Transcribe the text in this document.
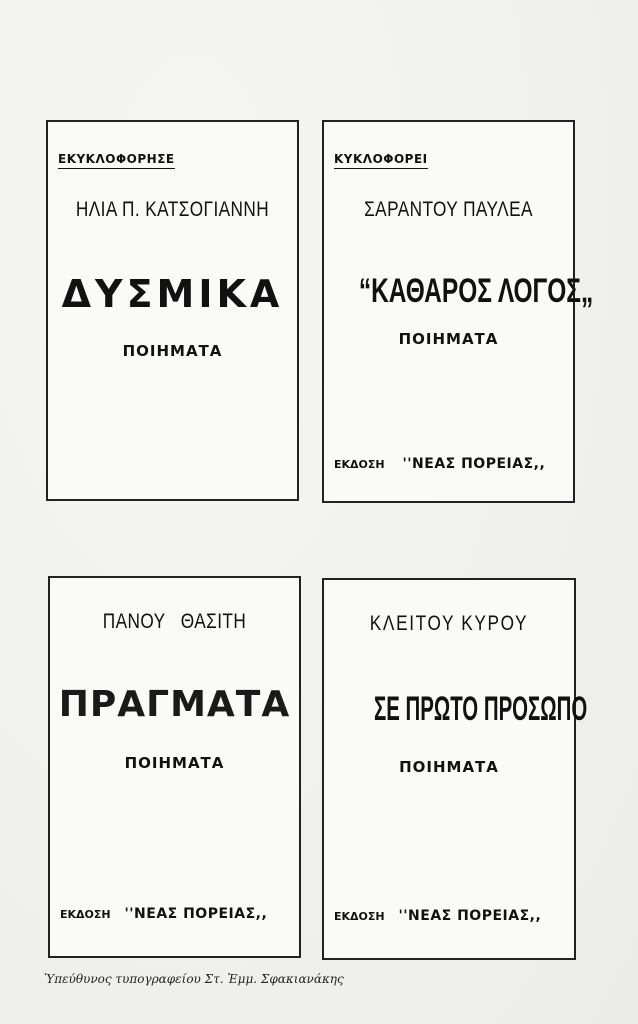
ΕΚΥΚΛΟΦΟΡΗΣΕ
ΗΛΙΑ Π. ΚΑΤΣΟΓΙΑΝΝΗ
ΔΥΣΜΙΚΑ
ΠΟΙΗΜΑΤΑ
ΚΥΚΛΟΦΟΡΕΙ
ΣΑΡΑΝΤΟΥ ΠΑΥΛΕΑ
“ΚΑΘΑΡΟΣ ΛΟΓΟΣ„
ΠΟΙΗΜΑΤΑ
ΕΚΔΟΣΗ ''ΝΕΑΣ ΠΟΡΕΙΑΣ,,
ΠΑΝΟΥ   ΘΑΣΙΤΗ
ΠΡΑΓΜΑΤΑ
ΠΟΙΗΜΑΤΑ
ΕΚΔΟΣΗ ''ΝΕΑΣ ΠΟΡΕΙΑΣ,,
ΚΛΕΙΤΟΥ ΚΥΡΟΥ
ΣΕ ΠΡΩΤΟ ΠΡΟΣΩΠΟ
ΠΟΙΗΜΑΤΑ
ΕΚΔΟΣΗ ''ΝΕΑΣ ΠΟΡΕΙΑΣ,,
Ὑπεύθυνος τυπογραφείου Στ. Ἐμμ. Σφακιανάκης
